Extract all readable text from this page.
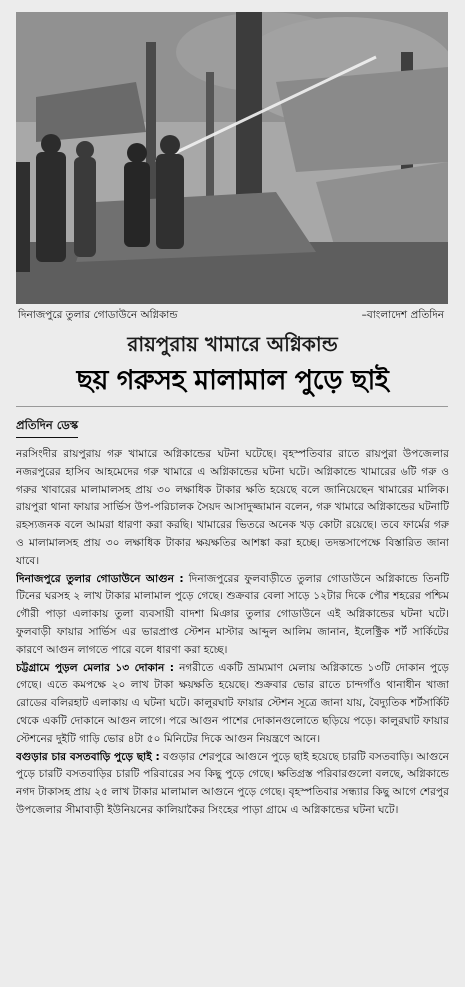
দিনাজপুরে তুলার গোডাউনে অগ্নিকান্ড	–বাংলাদেশ প্রতিদিন
রায়পুরায় খামারে অগ্নিকান্ড
ছয় গরুসহ মালামাল পুড়ে ছাই
প্রতিদিন ডেস্ক

নরসিংদীর রায়পুরায় গরু খামারে অগ্নিকান্ডের ঘটনা ঘটেছে। বৃহস্পতিবার রাতে রায়পুরা উপজেলার নজরপুরের হাসিব আহমেদের গরু খামারে এ অগ্নিকান্ডের ঘটনা ঘটে। অগ্নিকান্ডে খামারের ৬টি গরু ও গরুর খাবারের মালামালসহ প্রায় ৩০ লক্ষাধিক টাকার ক্ষতি হয়েছে বলে জানিয়েছেন খামারের মালিক। রায়পুরা থানা ফায়ার সার্ভিস উপ-পরিচালক সৈয়দ আসাদুজ্জামান বলেন, গরু খামারে অগ্নিকান্ডের ঘটনাটি রহস্যজনক বলে আমরা ধারণা করা করছি। খামারের ভিতরে অনেক খড় কোটা রয়েছে। তবে ফার্মের গরু ও মালামালসহ প্রায় ৩০ লক্ষাধিক টাকার ক্ষয়ক্ষতির আশঙ্কা করা হচ্ছে। তদন্তসাপেক্ষে বিস্তারিত জানা যাবে।

দিনাজপুরে তুলার গোডাউনে আগুন : দিনাজপুরের ফুলবাড়ীতে তুলার গোডাউনে অগ্নিকান্ডে তিনটি টিনের ঘরসহ ২ লাখ টাকার মালামাল পুড়ে গেছে। শুক্রবার বেলা সাড়ে ১২টার দিকে পৌর শহরের পশ্চিম গৌরী পাড়া এলাকায় তুলা ব্যবসায়ী বাদশা মিঞার তুলার গোডাউনে এই অগ্নিকান্ডের ঘটনা ঘটে। ফুলবাড়ী ফায়ার সার্ভিস এর ভারপ্রাপ্ত স্টেশন মাস্টার আব্দুল আলিম জানান, ইলেক্ট্রিক শর্ট সার্কিটের কারণে আগুন লাগতে পারে বলে ধারণা করা হচ্ছে।

চট্টগ্রামে পুড়ল মেলার ১৩ দোকান : নগরীতে একটি ভ্রাম্যমাণ মেলায় অগ্নিকান্ডে ১৩টি দোকান পুড়ে গেছে। এতে কমপক্ষে ২০ লাখ টাকা ক্ষয়ক্ষতি হয়েছে। শুক্রবার ভোর রাতে চান্দগাঁও থানাধীন খাজা রোডের বলিরহাট এলাকায় এ ঘটনা ঘটে। কালুরঘাট ফায়ার স্টেশন সূত্রে জানা যায়, বৈদ্যুতিক শর্টসার্কিট থেকে একটি দোকানে আগুন লাগে। পরে আগুন পাশের দোকানগুলোতে ছড়িয়ে পড়ে। কালুরঘাট ফায়ার স্টেশনের দুইটি গাড়ি ভোর ৪টা ৫০ মিনিটের দিকে আগুন নিয়ন্ত্রণে আনে।

বগুড়ার চার বসতবাড়ি পুড়ে ছাই : বগুড়ার শেরপুরে আগুনে পুড়ে ছাই হয়েছে চারটি বসতবাড়ি। আগুনে পুড়ে চারটি বসতবাড়ির চারটি পরিবারের সব কিছু পুড়ে গেছে। ক্ষতিগ্রস্ত পরিবারগুলো বলছে, অগ্নিকান্ডে নগদ টাকাসহ প্রায় ২৫ লাখ টাকার মালামাল আগুনে পুড়ে গেছে। বৃহস্পতিবার সন্ধ্যার কিছু আগে শেরপুর উপজেলার সীমাবাড়ী ইউনিয়নের কালিয়াকৈর সিংহের পাড়া গ্রামে এ অগ্নিকান্ডের ঘটনা ঘটে।
